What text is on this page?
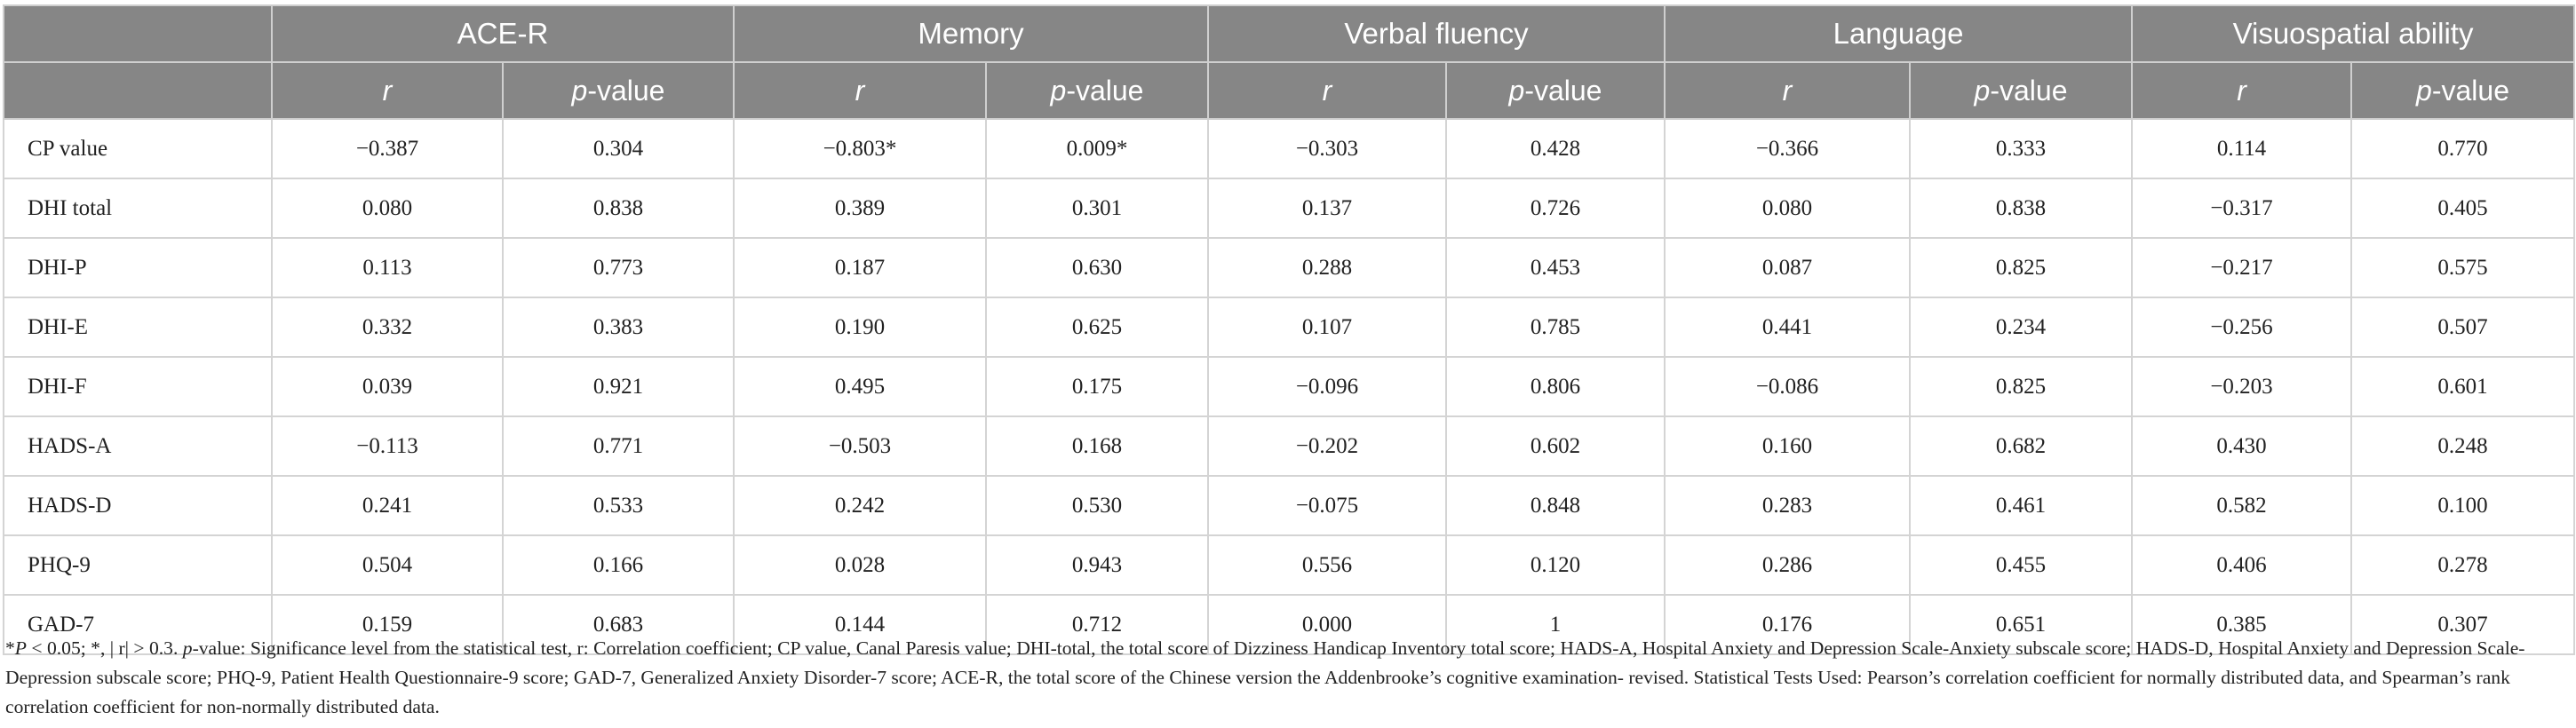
	ACE-R		Memory		Verbal fluency		Language		Visuospatial ability	
	r	p-value	r	p-value	r	p-value	r	p-value	r	p-value
CP value	−0.387	0.304	−0.803*	0.009*	−0.303	0.428	−0.366	0.333	0.114	0.770
DHI total	0.080	0.838	0.389	0.301	0.137	0.726	0.080	0.838	−0.317	0.405
DHI-P	0.113	0.773	0.187	0.630	0.288	0.453	0.087	0.825	−0.217	0.575
DHI-E	0.332	0.383	0.190	0.625	0.107	0.785	0.441	0.234	−0.256	0.507
DHI-F	0.039	0.921	0.495	0.175	−0.096	0.806	−0.086	0.825	−0.203	0.601
HADS-A	−0.113	0.771	−0.503	0.168	−0.202	0.602	0.160	0.682	0.430	0.248
HADS-D	0.241	0.533	0.242	0.530	−0.075	0.848	0.283	0.461	0.582	0.100
PHQ-9	0.504	0.166	0.028	0.943	0.556	0.120	0.286	0.455	0.406	0.278
GAD-7	0.159	0.683	0.144	0.712	0.000	1	0.176	0.651	0.385	0.307
*P < 0.05; *, | r| > 0.3. p-value: Significance level from the statistical test, r: Correlation coefficient; CP value, Canal Paresis value; DHI-total, the total score of Dizziness Handicap Inventory total score; HADS-A, Hospital Anxiety and Depression Scale-Anxiety subscale score; HADS-D, Hospital Anxiety and Depression Scale-Depression subscale score; PHQ-9, Patient Health Questionnaire-9 score; GAD-7, Generalized Anxiety Disorder-7 score; ACE-R, the total score of the Chinese version the Addenbrooke’s cognitive examination- revised. Statistical Tests Used: Pearson’s correlation coefficient for normally distributed data, and Spearman’s rank correlation coefficient for non-normally distributed data.
